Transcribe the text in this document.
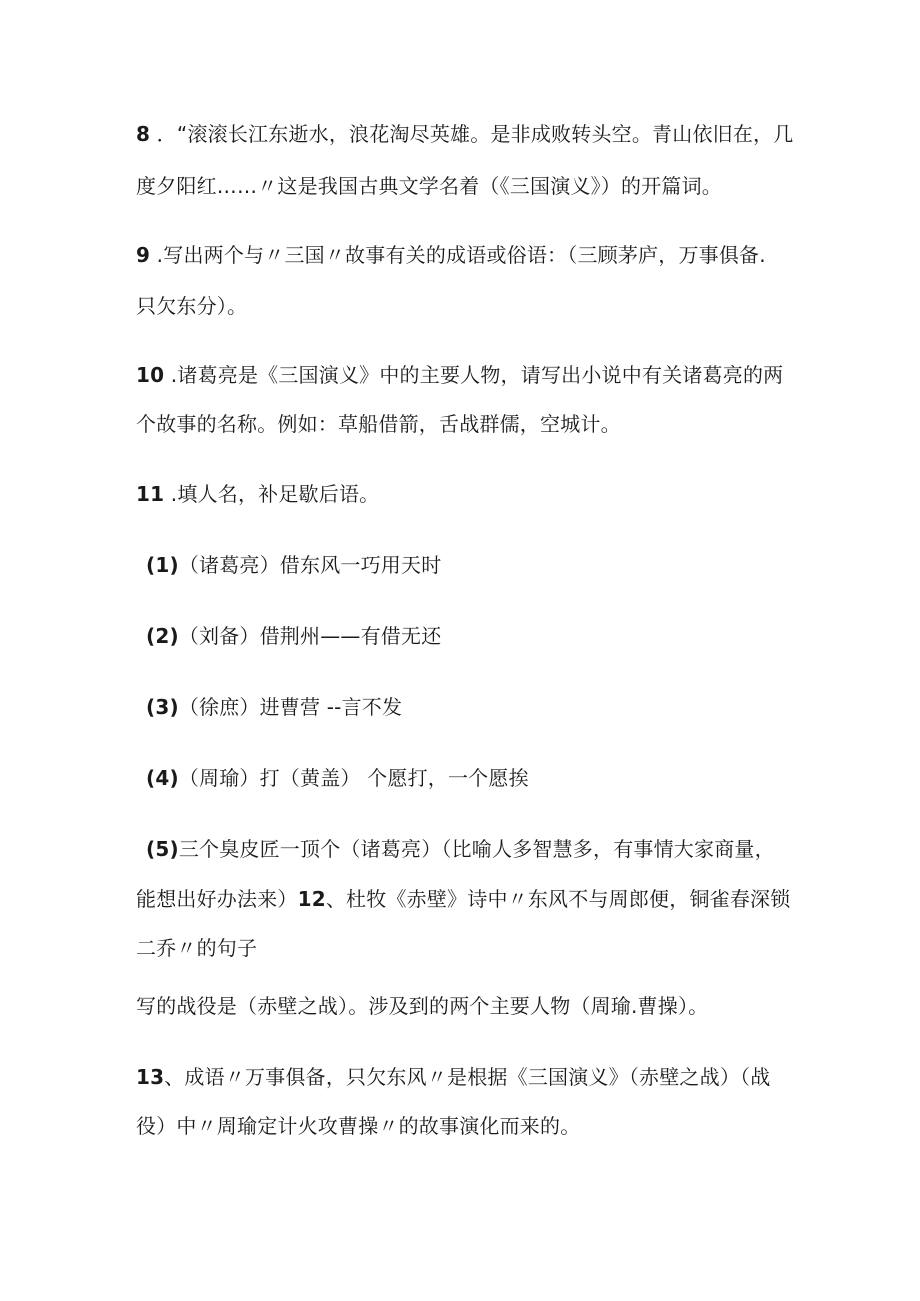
8 ．“滚滚长江东逝水，浪花淘尽英雄。是非成败转头空。青山依旧在，几
度夕阳红……〃这是我国古典文学名着（《三国演义》）的开篇词。
9 .写出两个与〃三国〃故事有关的成语或俗语：（三顾茅庐，万事俱备.
只欠东分）。
10 .诸葛亮是《三国演义》中的主要人物，请写出小说中有关诸葛亮的两
个故事的名称。例如：草船借箭，舌战群儒，空城计。
11 .填人名，补足歇后语。
(1)（诸葛亮）借东风一巧用天时
(2)（刘备）借荆州——有借无还
(3)（徐庶）进曹营 --言不发
(4)（周瑜）打（黄盖） 个愿打，一个愿挨
(5)三个臭皮匠一顶个（诸葛亮）（比喻人多智慧多，有事情大家商量，
能想出好办法来）12、杜牧《赤壁》诗中〃东风不与周郎便，铜雀春深锁
二乔〃的句子
写的战役是（赤壁之战）。涉及到的两个主要人物（周瑜.曹操）。
13、成语〃万事俱备，只欠东风〃是根据《三国演义》（赤壁之战）（战
役）中〃周瑜定计火攻曹操〃的故事演化而来的。
